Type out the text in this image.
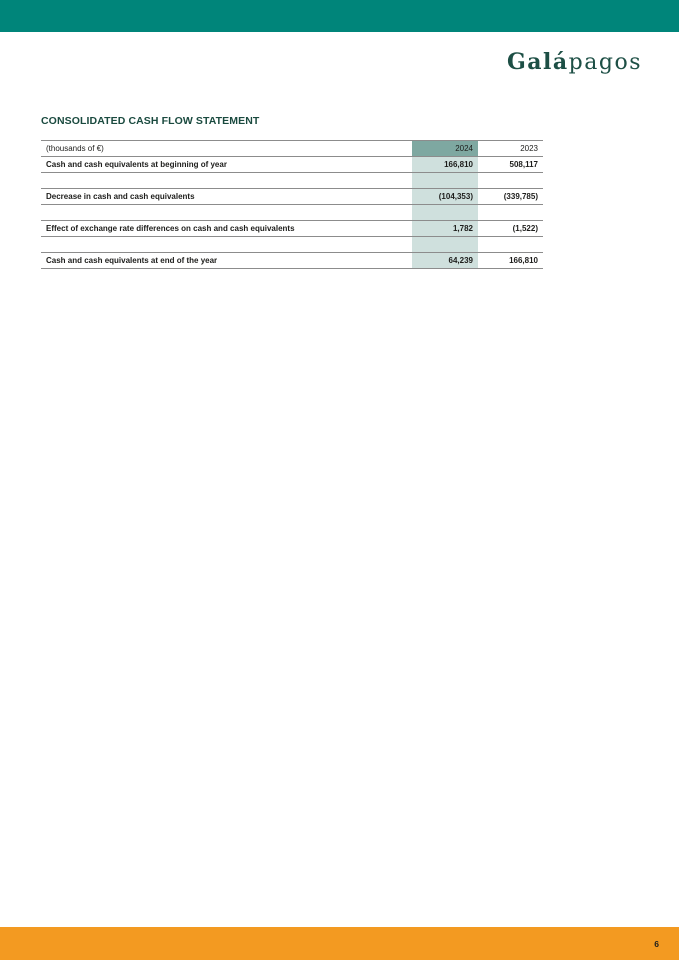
Galápagos
CONSOLIDATED CASH FLOW STATEMENT
(thousands of €)	2024	2023
Cash and cash equivalents at beginning of year	166,810	508,117

Decrease in cash and cash equivalents	(104,353)	(339,785)

Effect of exchange rate differences on cash and cash equivalents	1,782	(1,522)

Cash and cash equivalents at end of the year	64,239	166,810
6
